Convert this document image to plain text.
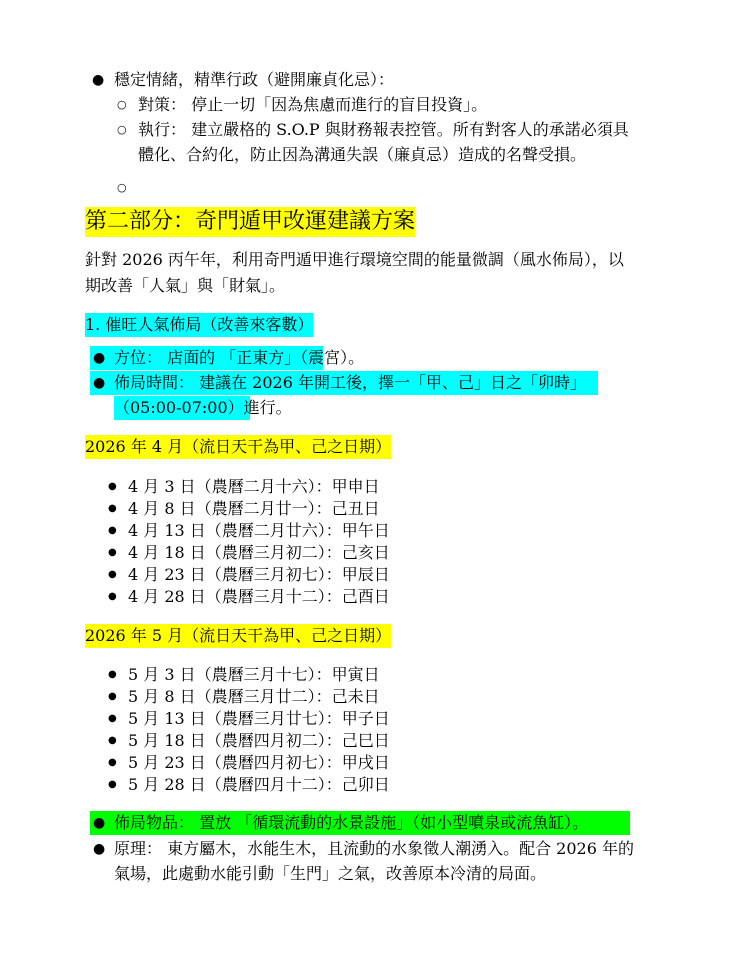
● 穩定情緒，精準行政（避開廉貞化忌）：
○ 對策： 停止一切「因為焦慮而進行的盲目投資」。
○ 執行： 建立嚴格的 S.O.P 與財務報表控管。所有對客人的承諾必須具
體化、合約化，防止因為溝通失誤（廉貞忌）造成的名聲受損。
○
第二部分：奇門遁甲改運建議方案
針對 2026 丙午年，利用奇門遁甲進行環境空間的能量微調（風水佈局），以
期改善「人氣」與「財氣」。
1. 催旺人氣佈局（改善來客數）
● 方位： 店面的 「正東方」（震宮）。
● 佈局時間： 建議在 2026 年開工後，擇一「甲、己」日之「卯時」
（05:00-07:00）進行。
2026 年 4 月（流日天干為甲、己之日期）
● 4 月 3 日（農曆二月十六）：甲申日
● 4 月 8 日（農曆二月廿一）：己丑日
● 4 月 13 日（農曆二月廿六）：甲午日
● 4 月 18 日（農曆三月初二）：己亥日
● 4 月 23 日（農曆三月初七）：甲辰日
● 4 月 28 日（農曆三月十二）：己酉日
2026 年 5 月（流日天干為甲、己之日期）
● 5 月 3 日（農曆三月十七）：甲寅日
● 5 月 8 日（農曆三月廿二）：己未日
● 5 月 13 日（農曆三月廿七）：甲子日
● 5 月 18 日（農曆四月初二）：己巳日
● 5 月 23 日（農曆四月初七）：甲戌日
● 5 月 28 日（農曆四月十二）：己卯日
● 佈局物品： 置放 「循環流動的水景設施」（如小型噴泉或流魚缸）。
● 原理： 東方屬木，水能生木，且流動的水象徵人潮湧入。配合 2026 年的
氣場，此處動水能引動「生門」之氣，改善原本冷清的局面。
